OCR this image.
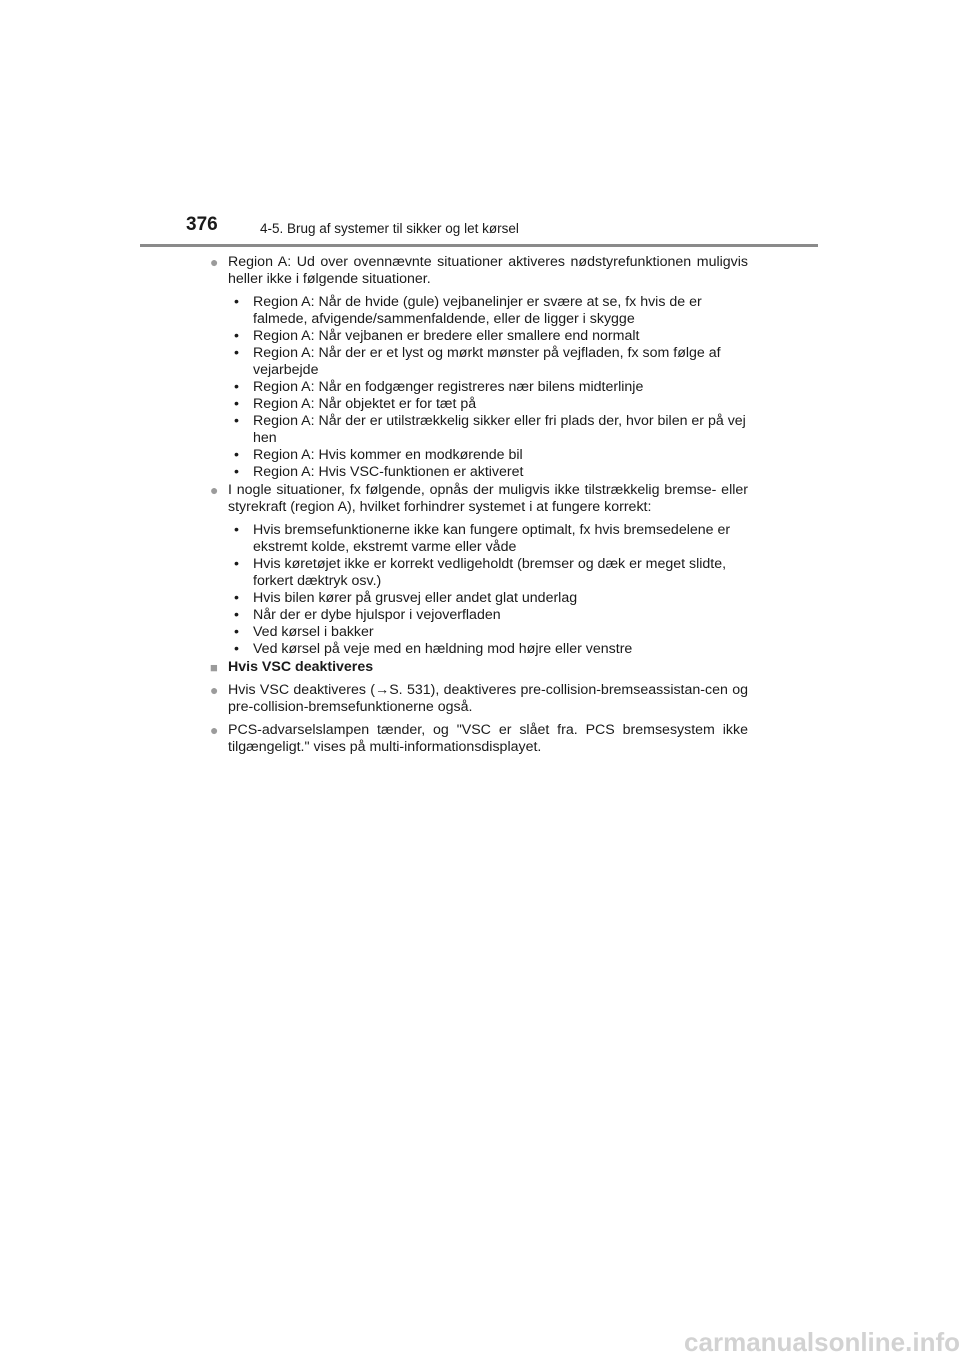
376	4-5. Brug af systemer til sikker og let kørsel
● Region A: Ud over ovennævnte situationer aktiveres nødstyrefunktionen muligvis heller ikke i følgende situationer.
• Region A: Når de hvide (gule) vejbanelinjer er svære at se, fx hvis de er falmede, afvigende/sammenfaldende, eller de ligger i skygge
• Region A: Når vejbanen er bredere eller smallere end normalt
• Region A: Når der er et lyst og mørkt mønster på vejfladen, fx som følge af vejarbejde
• Region A: Når en fodgænger registreres nær bilens midterlinje
• Region A: Når objektet er for tæt på
• Region A: Når der er utilstrækkelig sikker eller fri plads der, hvor bilen er på vej hen
• Region A: Hvis kommer en modkørende bil
• Region A: Hvis VSC-funktionen er aktiveret
● I nogle situationer, fx følgende, opnås der muligvis ikke tilstrækkelig bremse- eller styrekraft (region A), hvilket forhindrer systemet i at fungere korrekt:
• Hvis bremsefunktionerne ikke kan fungere optimalt, fx hvis bremsedelene er ekstremt kolde, ekstremt varme eller våde
• Hvis køretøjet ikke er korrekt vedligeholdt (bremser og dæk er meget slidte, forkert dæktryk osv.)
• Hvis bilen kører på grusvej eller andet glat underlag
• Når der er dybe hjulspor i vejoverfladen
• Ved kørsel i bakker
• Ved kørsel på veje med en hældning mod højre eller venstre
■ Hvis VSC deaktiveres
● Hvis VSC deaktiveres (→S. 531), deaktiveres pre-collision-bremseassistan-cen og pre-collision-bremsefunktionerne også.
● PCS-advarselslampen tænder, og "VSC er slået fra. PCS bremsesystem ikke tilgængeligt." vises på multi-informationsdisplayet.
carmanualsonline.info
